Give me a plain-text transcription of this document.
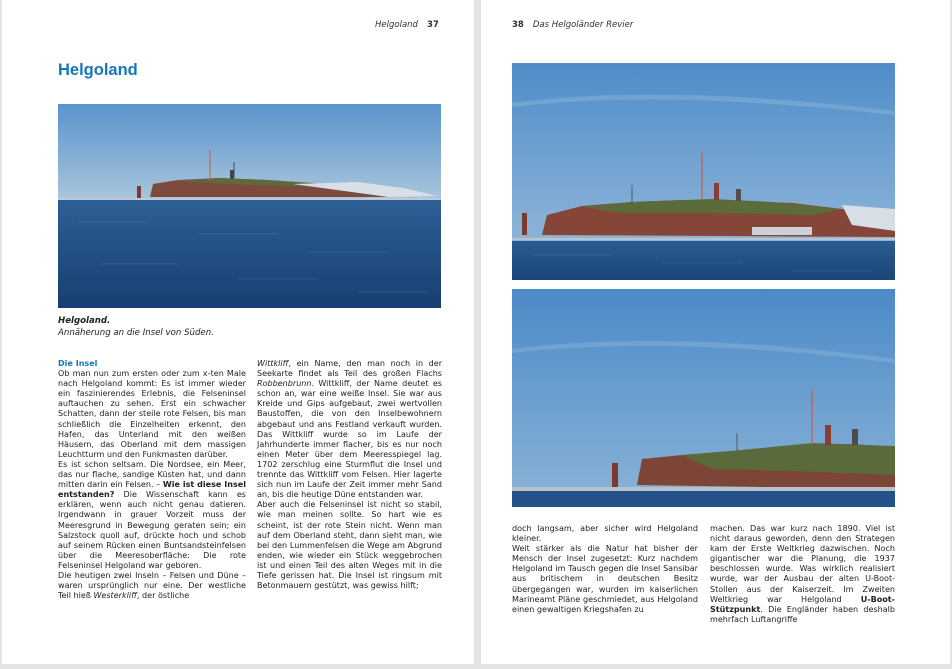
Helgoland 37
Helgoland
Helgoland.
Annäherung an die Insel von Süden.

Die Insel
Ob man nun zum ersten oder zum x-ten Male nach Helgoland kommt: Es ist immer wieder ein faszinierendes Erlebnis, die Felseninsel auftauchen zu sehen. Erst ein schwacher Schatten, dann der steile rote Felsen, bis man schließlich die Einzelheiten erkennt, den Hafen, das Unterland mit den weißen Häusern, das Oberland mit dem massigen Leuchtturm und den Funkmasten darüber.

Es ist schon seltsam. Die Nordsee, ein Meer, das nur flache, sandige Küsten hat, und dann mitten darin ein Felsen. – Wie ist diese Insel entstanden? Die Wissenschaft kann es erklären, wenn auch nicht genau datieren. Irgendwann in grauer Vorzeit muss der Meeresgrund in Bewegung geraten sein; ein Salzstock quoll auf, drückte hoch und schob auf seinem Rücken einen Buntsandsteinfelsen über die Meeresoberfläche: Die rote Felseninsel Helgoland war geboren.

Die heutigen zwei Inseln – Felsen und Düne – waren ursprünglich nur eine. Der westliche Teil hieß Westerkliff, der östliche

Wittkliff, ein Name, den man noch in der Seekarte findet als Teil des großen Flachs Robbenbrunn. Wittkliff, der Name deutet es schon an, war eine weiße Insel. Sie war aus Kreide und Gips aufgebaut, zwei wertvollen Baustoffen, die von den Inselbewohnern abgebaut und ans Festland verkauft wurden. Das Wittkliff wurde so im Laufe der Jahrhunderte immer flacher, bis es nur noch einen Meter über dem Meeresspiegel lag. 1702 zerschlug eine Sturmflut die Insel und trennte das Wittkliff vom Felsen. Hier lagerte sich nun im Laufe der Zeit immer mehr Sand an, bis die heutige Düne entstanden war.

Aber auch die Felseninsel ist nicht so stabil, wie man meinen sollte. So hart wie es scheint, ist der rote Stein nicht. Wenn man auf dem Oberland steht, dann sieht man, wie bei den Lummenfelsen die Wege am Abgrund enden, wie wieder ein Stück weggebrochen ist und einen Teil des alten Weges mit in die Tiefe gerissen hat. Die Insel ist ringsum mit Betonmauern gestützt, was gewiss hilft;

38 Das Helgoländer Revier

doch langsam, aber sicher wird Helgoland kleiner.

Weit stärker als die Natur hat bisher der Mensch der Insel zugesetzt: Kurz nachdem Helgoland im Tausch gegen die Insel Sansibar aus britischem in deutschen Besitz übergegangen war, wurden im kaiserlichen Marineamt Pläne geschmiedet, aus Helgoland einen gewaltigen Kriegshafen zu

machen. Das war kurz nach 1890. Viel ist nicht daraus geworden, denn den Strategen kam der Erste Weltkrieg dazwischen. Noch gigantischer war die Planung, die 1937 beschlossen wurde. Was wirklich realisiert wurde, war der Ausbau der alten U-Boot-Stollen aus der Kaiserzeit. Im Zweiten Weltkrieg war Helgoland U-Boot-Stützpunkt. Die Engländer haben deshalb mehrfach Luftangriffe
